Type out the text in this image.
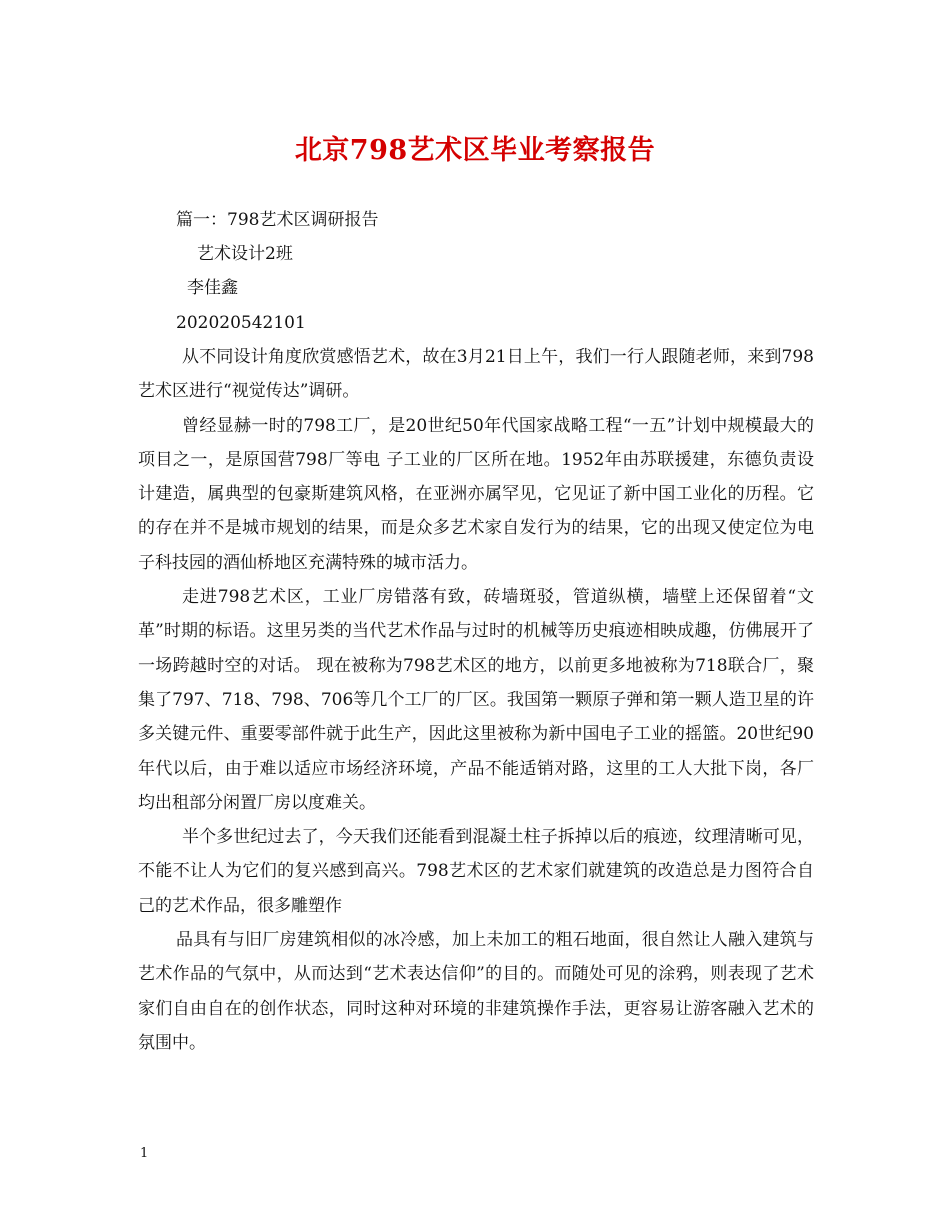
北京798艺术区毕业考察报告

篇一：798艺术区调研报告

艺术设计2班

李佳鑫

202020542101

从不同设计角度欣赏感悟艺术，故在3月21日上午，我们一行人跟随老师，来到798艺术区进行“视觉传达”调研。

曾经显赫一时的798工厂，是20世纪50年代国家战略工程“一五”计划中规模最大的项目之一，是原国营798厂等电 子工业的厂区所在地。1952年由苏联援建，东德负责设计建造，属典型的包豪斯建筑风格，在亚洲亦属罕见，它见证了新中国工业化的历程。它的存在并不是城市规划的结果，而是众多艺术家自发行为的结果，它的出现又使定位为电子科技园的酒仙桥地区充满特殊的城市活力。

走进798艺术区，工业厂房错落有致，砖墙斑驳，管道纵横，墙壁上还保留着“文革”时期的标语。这里另类的当代艺术作品与过时的机械等历史痕迹相映成趣，仿佛展开了一场跨越时空的对话。 现在被称为798艺术区的地方，以前更多地被称为718联合厂，聚集了797、718、798、706等几个工厂的厂区。我国第一颗原子弹和第一颗人造卫星的许多关键元件、重要零部件就于此生产，因此这里被称为新中国电子工业的摇篮。20世纪90年代以后，由于难以适应市场经济环境，产品不能适销对路，这里的工人大批下岗，各厂均出租部分闲置厂房以度难关。

半个多世纪过去了，今天我们还能看到混凝土柱子拆掉以后的痕迹，纹理清晰可见，不能不让人为它们的复兴感到高兴。798艺术区的艺术家们就建筑的改造总是力图符合自己的艺术作品，很多雕塑作

品具有与旧厂房建筑相似的冰冷感，加上未加工的粗石地面，很自然让人融入建筑与艺术作品的气氛中，从而达到“艺术表达信仰”的目的。而随处可见的涂鸦，则表现了艺术家们自由自在的创作状态，同时这种对环境的非建筑操作手法，更容易让游客融入艺术的氛围中。

1
